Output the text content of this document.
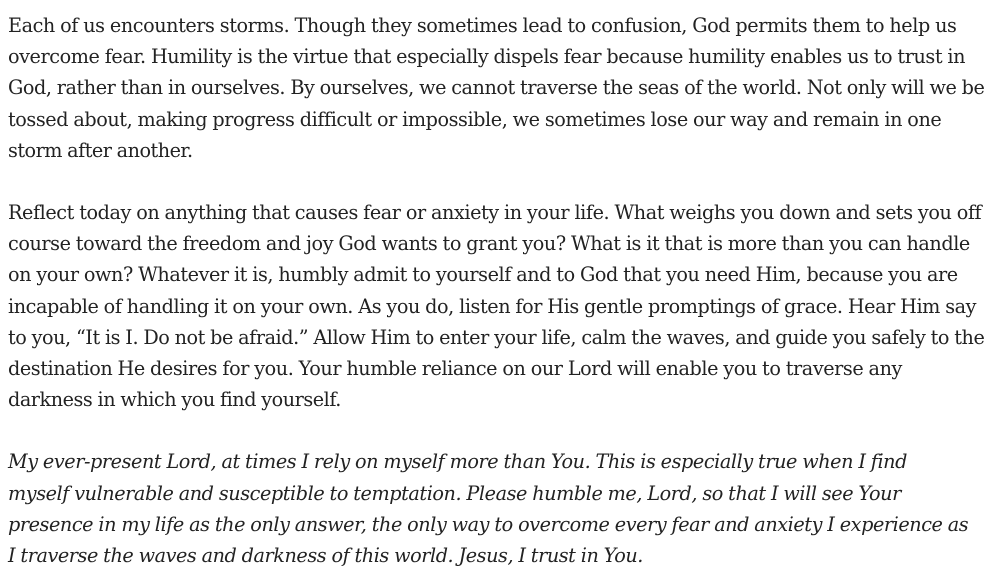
Each of us encounters storms. Though they sometimes lead to confusion, God permits them to help us
overcome fear. Humility is the virtue that especially dispels fear because humility enables us to trust in
God, rather than in ourselves. By ourselves, we cannot traverse the seas of the world. Not only will we be
tossed about, making progress difficult or impossible, we sometimes lose our way and remain in one
storm after another.

Reflect today on anything that causes fear or anxiety in your life. What weighs you down and sets you off
course toward the freedom and joy God wants to grant you? What is it that is more than you can handle
on your own? Whatever it is, humbly admit to yourself and to God that you need Him, because you are
incapable of handling it on your own. As you do, listen for His gentle promptings of grace. Hear Him say
to you, “It is I. Do not be afraid.” Allow Him to enter your life, calm the waves, and guide you safely to the
destination He desires for you. Your humble reliance on our Lord will enable you to traverse any
darkness in which you find yourself.

My ever-present Lord, at times I rely on myself more than You. This is especially true when I find
myself vulnerable and susceptible to temptation. Please humble me, Lord, so that I will see Your
presence in my life as the only answer, the only way to overcome every fear and anxiety I experience as
I traverse the waves and darkness of this world. Jesus, I trust in You.
